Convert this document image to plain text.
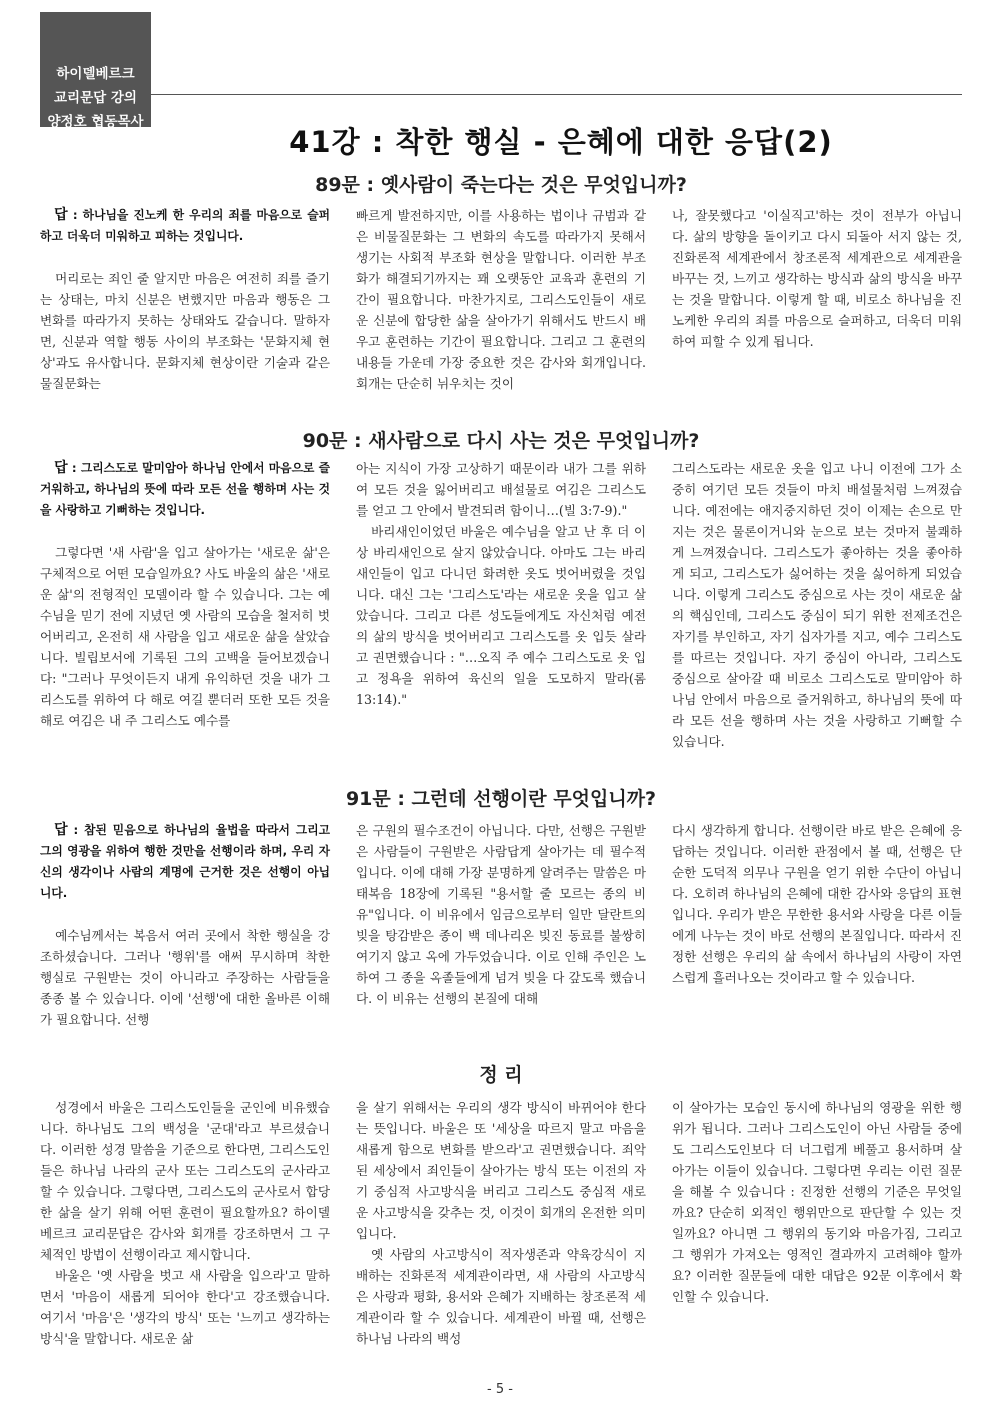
하이델베르크
교리문답 강의
양정호 협동목사
41강 : 착한 행실 - 은혜에 대한 응답(2)
89문 : 옛사람이 죽는다는 것은 무엇입니까?

답 : 하나님을 진노케 한 우리의 죄를 마음으로 슬퍼하고 더욱더 미워하고 피하는 것입니다.

머리로는 죄인 줄 알지만 마음은 여전히 죄를 즐기는 상태는, 마치 신분은 변했지만 마음과 행동은 그 변화를 따라가지 못하는 상태와도 같습니다. 말하자면, 신분과 역할 행동 사이의 부조화는 '문화지체 현상'과도 유사합니다. 문화지체 현상이란 기술과 같은 물질문화는

빠르게 발전하지만, 이를 사용하는 법이나 규범과 같은 비물질문화는 그 변화의 속도를 따라가지 못해서 생기는 사회적 부조화 현상을 말합니다. 이러한 부조화가 해결되기까지는 꽤 오랫동안 교육과 훈련의 기간이 필요합니다. 마찬가지로, 그리스도인들이 새로운 신분에 합당한 삶을 살아가기 위해서도 반드시 배우고 훈련하는 기간이 필요합니다. 그리고 그 훈련의 내용들 가운데 가장 중요한 것은 감사와 회개입니다. 회개는 단순히 뉘우치는 것이

나, 잘못했다고 '이실직고'하는 것이 전부가 아닙니다. 삶의 방향을 돌이키고 다시 되돌아 서지 않는 것, 진화론적 세계관에서 창조론적 세계관으로 세계관을 바꾸는 것, 느끼고 생각하는 방식과 삶의 방식을 바꾸는 것을 말합니다. 이렇게 할 때, 비로소 하나님을 진노케한 우리의 죄를 마음으로 슬퍼하고, 더욱더 미워하여 피할 수 있게 됩니다.

90문 : 새사람으로 다시 사는 것은 무엇입니까?

답 : 그리스도로 말미암아 하나님 안에서 마음으로 즐거워하고, 하나님의 뜻에 따라 모든 선을 행하며 사는 것을 사랑하고 기뻐하는 것입니다.

그렇다면 '새 사람'을 입고 살아가는 '새로운 삶'은 구체적으로 어떤 모습일까요? 사도 바울의 삶은 '새로운 삶'의 전형적인 모델이라 할 수 있습니다. 그는 예수님을 믿기 전에 지녔던 옛 사람의 모습을 철저히 벗어버리고, 온전히 새 사람을 입고 새로운 삶을 살았습니다. 빌립보서에 기록된 그의 고백을 들어보겠습니다: "그러나 무엇이든지 내게 유익하던 것을 내가 그리스도를 위하여 다 해로 여길 뿐더러 또한 모든 것을 해로 여김은 내 주 그리스도 예수를

아는 지식이 가장 고상하기 때문이라 내가 그를 위하여 모든 것을 잃어버리고 배설물로 여김은 그리스도를 얻고 그 안에서 발견되려 함이니…(빌 3:7-9)."

바리새인이었던 바울은 예수님을 알고 난 후 더 이상 바리새인으로 살지 않았습니다. 아마도 그는 바리새인들이 입고 다니던 화려한 옷도 벗어버렸을 것입니다. 대신 그는 '그리스도'라는 새로운 옷을 입고 살았습니다. 그리고 다른 성도들에게도 자신처럼 예전의 삶의 방식을 벗어버리고 그리스도를 옷 입듯 살라고 권면했습니다 : "…오직 주 예수 그리스도로 옷 입고 정욕을 위하여 육신의 일을 도모하지 말라(롬 13:14)."

그리스도라는 새로운 옷을 입고 나니 이전에 그가 소중히 여기던 모든 것들이 마치 배설물처럼 느껴졌습니다. 예전에는 애지중지하던 것이 이제는 손으로 만지는 것은 물론이거니와 눈으로 보는 것마저 불쾌하게 느껴졌습니다. 그리스도가 좋아하는 것을 좋아하게 되고, 그리스도가 싫어하는 것을 싫어하게 되었습니다. 이렇게 그리스도 중심으로 사는 것이 새로운 삶의 핵심인데, 그리스도 중심이 되기 위한 전제조건은 자기를 부인하고, 자기 십자가를 지고, 예수 그리스도를 따르는 것입니다. 자기 중심이 아니라, 그리스도 중심으로 살아갈 때 비로소 그리스도로 말미암아 하나님 안에서 마음으로 즐거워하고, 하나님의 뜻에 따라 모든 선을 행하며 사는 것을 사랑하고 기뻐할 수 있습니다.

91문 : 그런데 선행이란 무엇입니까?

답 : 참된 믿음으로 하나님의 율법을 따라서 그리고 그의 영광을 위하여 행한 것만을 선행이라 하며, 우리 자신의 생각이나 사람의 계명에 근거한 것은 선행이 아닙니다.

예수님께서는 복음서 여러 곳에서 착한 행실을 강조하셨습니다. 그러나 '행위'를 애써 무시하며 착한 행실로 구원받는 것이 아니라고 주장하는 사람들을 종종 볼 수 있습니다. 이에 '선행'에 대한 올바른 이해가 필요합니다. 선행

은 구원의 필수조건이 아닙니다. 다만, 선행은 구원받은 사람들이 구원받은 사람답게 살아가는 데 필수적입니다. 이에 대해 가장 분명하게 알려주는 말씀은 마태복음 18장에 기록된 "용서할 줄 모르는 종의 비유"입니다. 이 비유에서 임금으로부터 일만 달란트의 빚을 탕감받은 종이 백 데나리온 빚진 동료를 불쌍히 여기지 않고 옥에 가두었습니다. 이로 인해 주인은 노하여 그 종을 옥졸들에게 넘겨 빚을 다 갚도록 했습니다. 이 비유는 선행의 본질에 대해

다시 생각하게 합니다. 선행이란 바로 받은 은혜에 응답하는 것입니다. 이러한 관점에서 볼 때, 선행은 단순한 도덕적 의무나 구원을 얻기 위한 수단이 아닙니다. 오히려 하나님의 은혜에 대한 감사와 응답의 표현입니다. 우리가 받은 무한한 용서와 사랑을 다른 이들에게 나누는 것이 바로 선행의 본질입니다. 따라서 진정한 선행은 우리의 삶 속에서 하나님의 사랑이 자연스럽게 흘러나오는 것이라고 할 수 있습니다.

정 리

성경에서 바울은 그리스도인들을 군인에 비유했습니다. 하나님도 그의 백성을 '군대'라고 부르셨습니다. 이러한 성경 말씀을 기준으로 한다면, 그리스도인들은 하나님 나라의 군사 또는 그리스도의 군사라고 할 수 있습니다. 그렇다면, 그리스도의 군사로서 합당한 삶을 살기 위해 어떤 훈련이 필요할까요? 하이델베르크 교리문답은 감사와 회개를 강조하면서 그 구체적인 방법이 선행이라고 제시합니다.

바울은 '옛 사람을 벗고 새 사람을 입으라'고 말하면서 '마음이 새롭게 되어야 한다'고 강조했습니다. 여기서 '마음'은 '생각의 방식' 또는 '느끼고 생각하는 방식'을 말합니다. 새로운 삶

을 살기 위해서는 우리의 생각 방식이 바뀌어야 한다는 뜻입니다. 바울은 또 '세상을 따르지 말고 마음을 새롭게 함으로 변화를 받으라'고 권면했습니다. 죄악된 세상에서 죄인들이 살아가는 방식 또는 이전의 자기 중심적 사고방식을 버리고 그리스도 중심적 새로운 사고방식을 갖추는 것, 이것이 회개의 온전한 의미입니다.

옛 사람의 사고방식이 적자생존과 약육강식이 지배하는 진화론적 세계관이라면, 새 사람의 사고방식은 사랑과 평화, 용서와 은혜가 지배하는 창조론적 세계관이라 할 수 있습니다. 세계관이 바뀔 때, 선행은 하나님 나라의 백성

이 살아가는 모습인 동시에 하나님의 영광을 위한 행위가 됩니다. 그러나 그리스도인이 아닌 사람들 중에도 그리스도인보다 더 너그럽게 베풀고 용서하며 살아가는 이들이 있습니다. 그렇다면 우리는 이런 질문을 해볼 수 있습니다 : 진정한 선행의 기준은 무엇일까요? 단순히 외적인 행위만으로 판단할 수 있는 것일까요? 아니면 그 행위의 동기와 마음가짐, 그리고 그 행위가 가져오는 영적인 결과까지 고려해야 할까요? 이러한 질문들에 대한 대답은 92문 이후에서 확인할 수 있습니다.

- 5 -
